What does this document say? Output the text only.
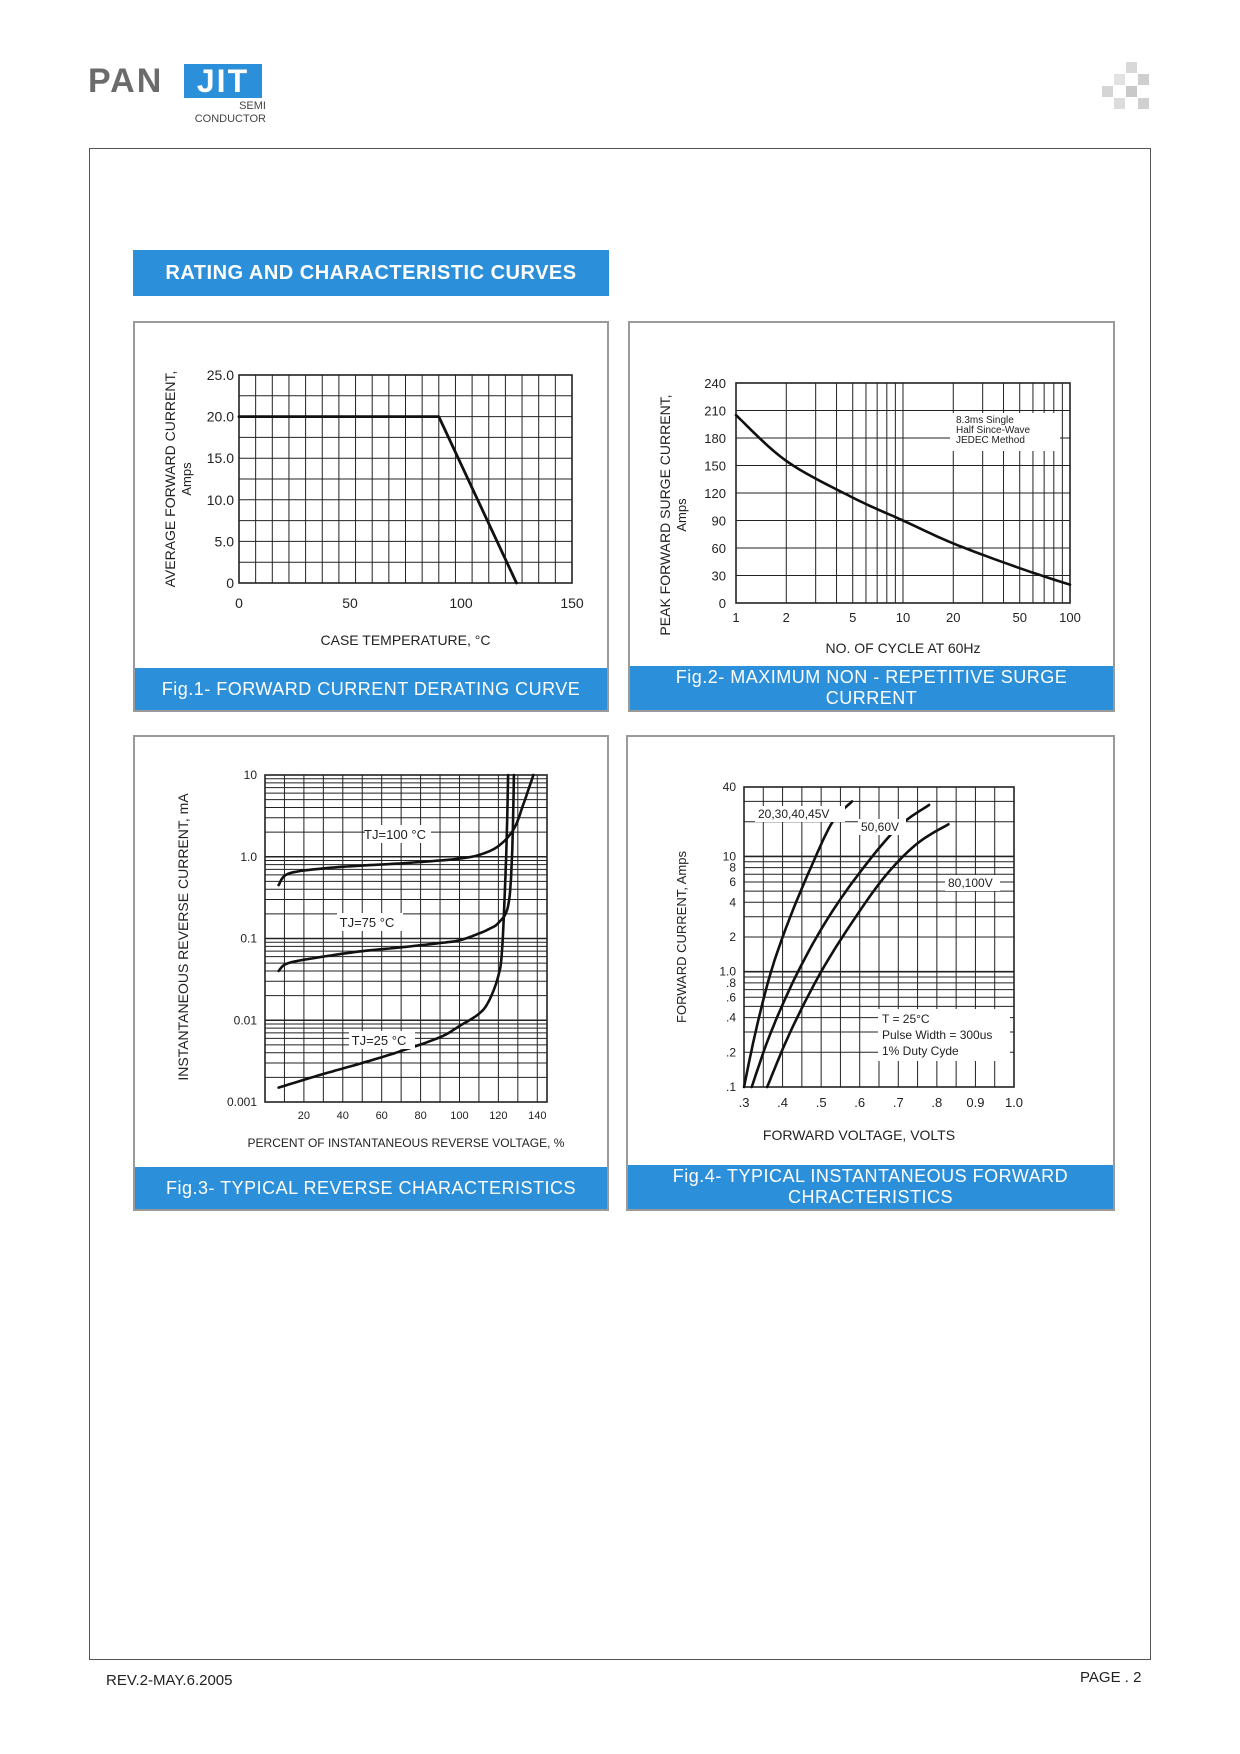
PAN	JIT
SEMI
CONDUCTOR
RATING AND CHARACTERISTIC CURVES
0
5.0
10.0
15.0
20.0
25.0
0	50	100	150
AVERAGE FORWARD CURRENT, Amps
CASE TEMPERATURE, °C
Fig.1- FORWARD CURRENT DERATING CURVE
0
30
60
90
120
150
180
210
240
1	2	5	10	20	50 100
8.3ms Single
Half Since-Wave
JEDEC Method
PEAK FORWARD SURGE CURRENT, Amps
NO. OF CYCLE AT 60Hz
Fig.2- MAXIMUM NON - REPETITIVE SURGE CURRENT
0.001
0.01
0.1
1.0
10
20 40 60 80 100 120 140
TJ=100 °C
TJ=75 °C
TJ=25 °C
INSTANTANEOUS REVERSE CURRENT, mA
PERCENT OF INSTANTANEOUS REVERSE VOLTAGE, %
Fig.3- TYPICAL REVERSE CHARACTERISTICS
.1
.2
.4
.6
.8
1.0
2
4
6
8
10
40
.3 .4 .5 .6 .7 .8 0.9 1.0
20,30,40,45V
50,60V
80,100V
T = 25°C
Pulse Width = 300us
1% Duty Cyde
FORWARD CURRENT, Amps
FORWARD VOLTAGE, VOLTS
Fig.4- TYPICAL INSTANTANEOUS FORWARD CHRACTERISTICS
REV.2-MAY.6.2005	PAGE . 2
